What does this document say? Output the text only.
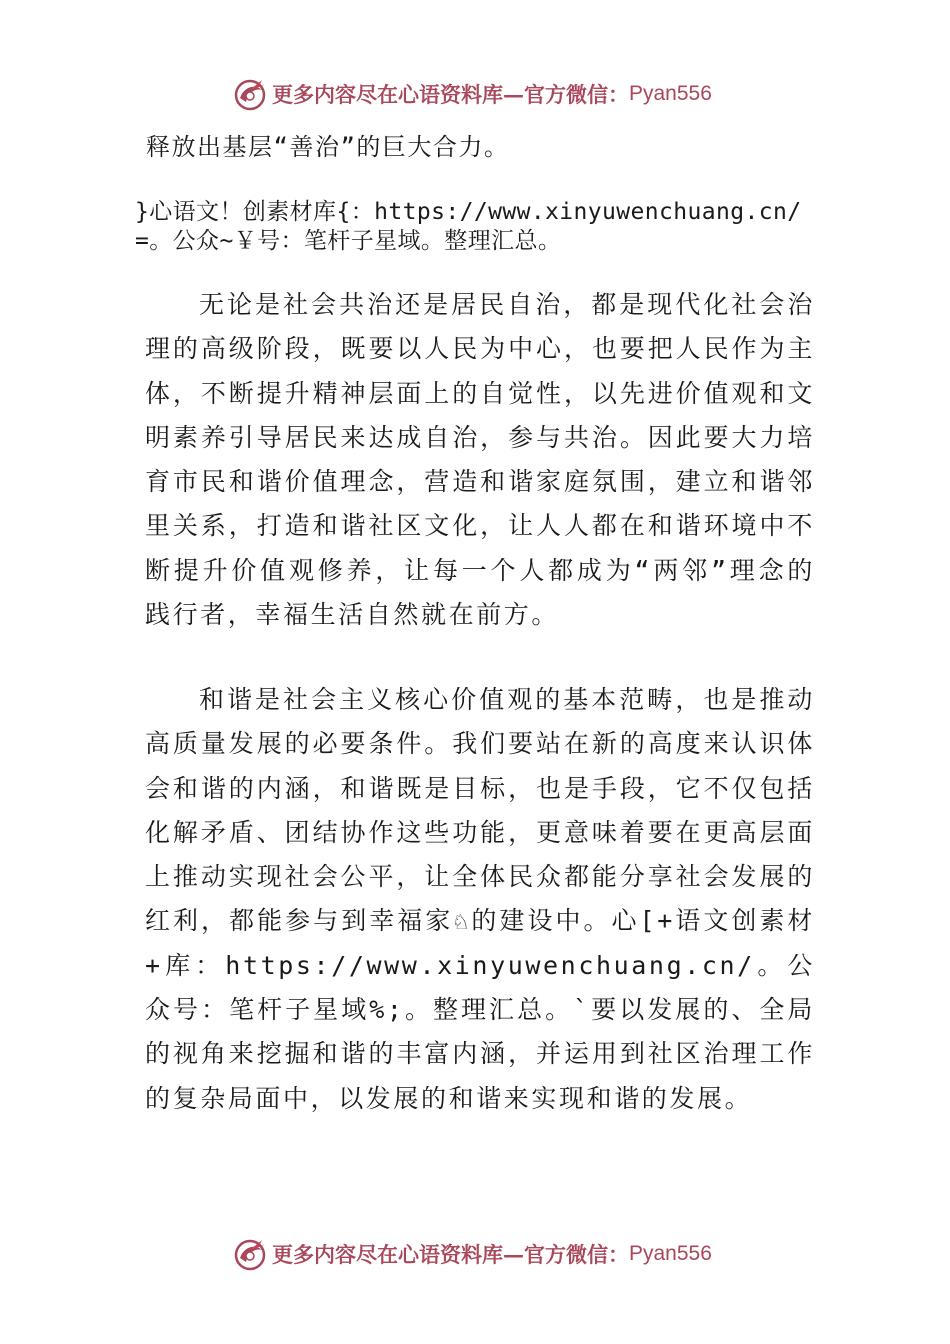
更多内容尽在心语资料库—官方微信： Pyan556
释放出基层“善治”的巨大合力。
}心语文！创素材库{：https://www.xinyuwenchuang.cn/=。公众~￥号：笔杆子星域。整理汇总。
无论是社会共治还是居民自治，都是现代化社会治理的高级阶段，既要以人民为中心，也要把人民作为主体，不断提升精神层面上的自觉性，以先进价值观和文明素养引导居民来达成自治，参与共治。因此要大力培育市民和谐价值理念，营造和谐家庭氛围，建立和谐邻里关系，打造和谐社区文化，让人人都在和谐环境中不断提升价值观修养，让每一个人都成为“两邻”理念的践行者，幸福生活自然就在前方。
和谐是社会主义核心价值观的基本范畴，也是推动高质量发展的必要条件。我们要站在新的高度来认识体会和谐的内涵，和谐既是目标，也是手段，它不仅包括化解矛盾、团结协作这些功能，更意味着要在更高层面上推动实现社会公平，让全体民众都能分享社会发展的红利，都能参与到幸福家♘的建设中。心[+语文创素材+库：https://www.xinyuwenchuang.cn/。公众号：笔杆子星域%;。整理汇总。`要以发展的、全局的视角来挖掘和谐的丰富内涵，并运用到社区治理工作的复杂局面中，以发展的和谐来实现和谐的发展。
更多内容尽在心语资料库—官方微信： Pyan556
